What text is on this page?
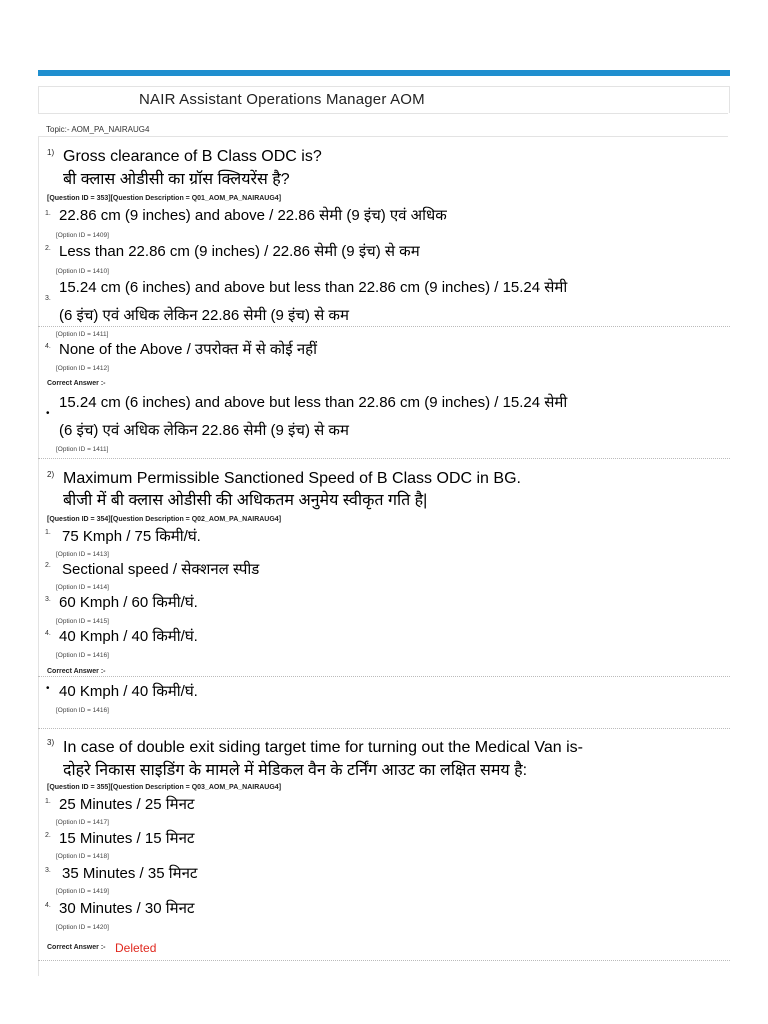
NAIR Assistant Operations Manager AOM
Topic:- AOM_PA_NAIRAUG4
1) Gross clearance of B Class ODC is?
बी क्लास ओडीसी का ग्रॉस क्लियरेंस है?
[Question ID = 353][Question Description = Q01_AOM_PA_NAIRAUG4]
1. 22.86 cm (9 inches) and above / 22.86 सेमी (9 इंच) एवं अधिक
[Option ID = 1409]
2. Less than 22.86 cm (9 inches) / 22.86 सेमी (9 इंच) से कम
[Option ID = 1410]
3.
15.24 cm (6 inches) and above but less than 22.86 cm (9 inches) / 15.24 सेमी
(6 इंच) एवं अधिक लेकिन 22.86 सेमी (9 इंच) से कम
[Option ID = 1411]
4. None of the Above / उपरोक्त में से कोई नहीं
[Option ID = 1412]
Correct Answer :-
•
15.24 cm (6 inches) and above but less than 22.86 cm (9 inches) / 15.24 सेमी
(6 इंच) एवं अधिक लेकिन 22.86 सेमी (9 इंच) से कम
[Option ID = 1411]
2) Maximum Permissible Sanctioned Speed of B Class ODC in BG.
बीजी में बी क्लास ओडीसी की अधिकतम अनुमेय स्वीकृत गति है|
[Question ID = 354][Question Description = Q02_AOM_PA_NAIRAUG4]
1. 75 Kmph / 75 किमी/घं.
[Option ID = 1413]
2. Sectional speed / सेक्शनल स्पीड
[Option ID = 1414]
3. 60 Kmph / 60 किमी/घं.
[Option ID = 1415]
4. 40 Kmph / 40 किमी/घं.
[Option ID = 1416]
Correct Answer :-
• 40 Kmph / 40 किमी/घं.
[Option ID = 1416]
3) In case of double exit siding target time for turning out the Medical Van is-
दोहरे निकास साइडिंग के मामले में मेडिकल वैन के टर्निंग आउट का लक्षित समय है:
[Question ID = 355][Question Description = Q03_AOM_PA_NAIRAUG4]
1. 25 Minutes / 25 मिनट
[Option ID = 1417]
2. 15 Minutes / 15 मिनट
[Option ID = 1418]
3. 35 Minutes / 35 मिनट
[Option ID = 1419]
4. 30 Minutes / 30 मिनट
[Option ID = 1420]
Correct Answer :- Deleted
